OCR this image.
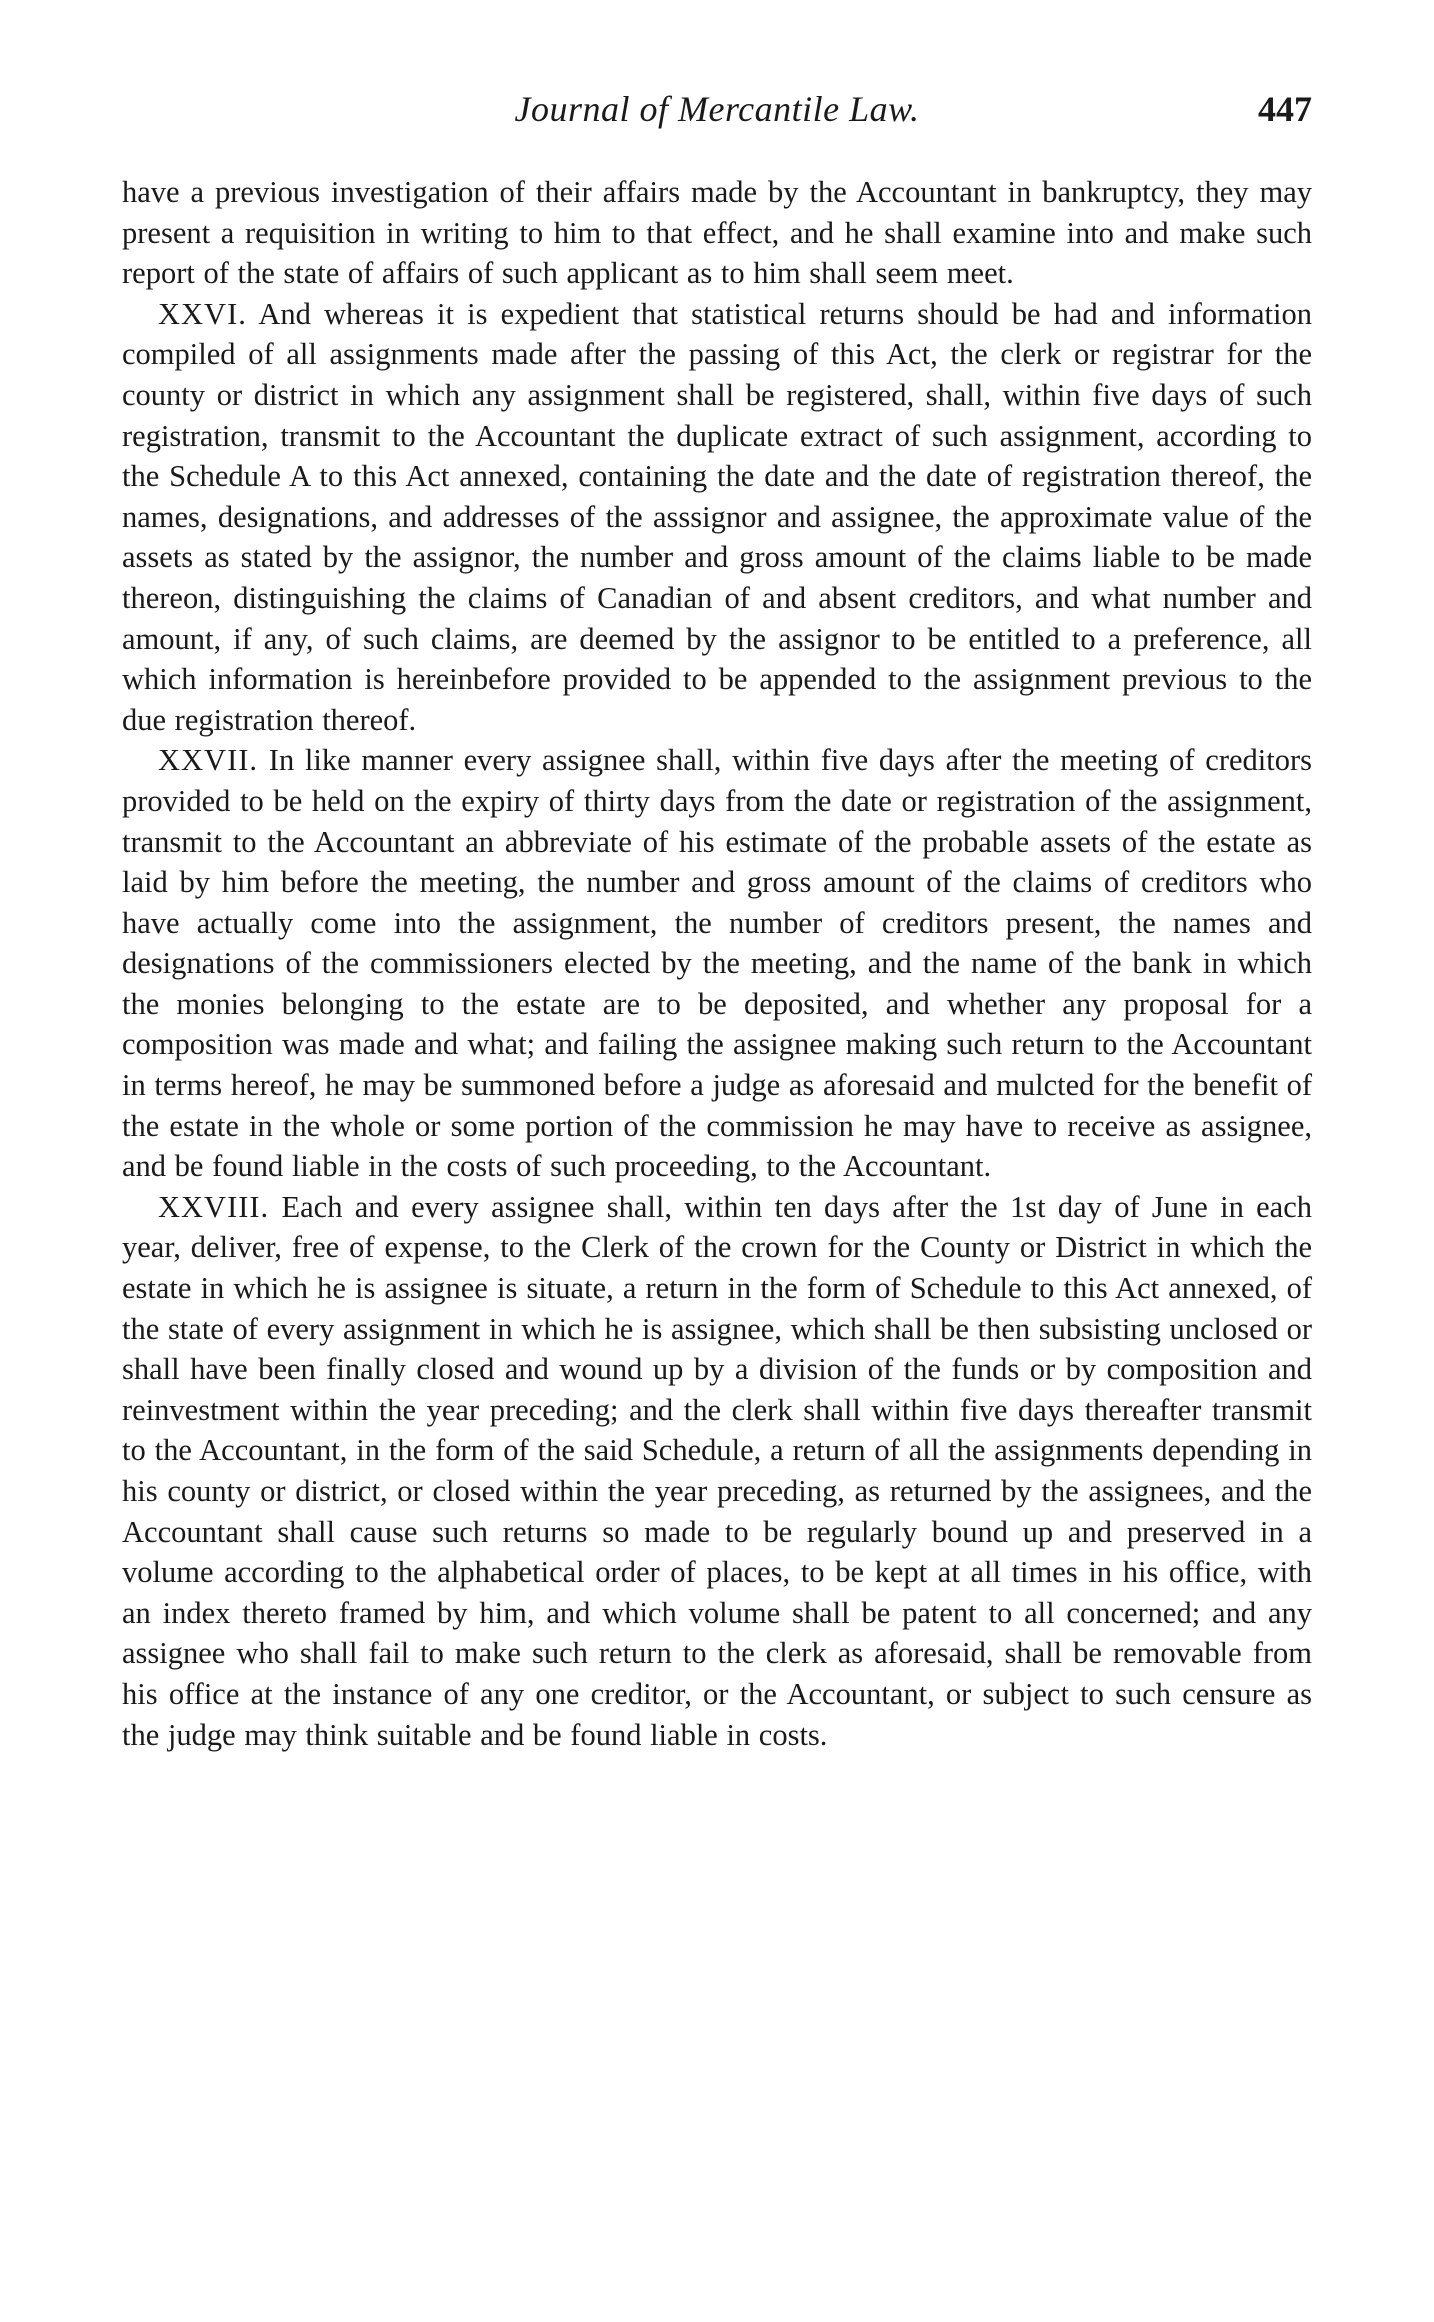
Journal of Mercantile Law.	447

have a previous investigation of their affairs made by the Accountant in bankruptcy, they may present a requisition in writing to him to that effect, and he shall examine into and make such report of the state of affairs of such applicant as to him shall seem meet.

XXVI. And whereas it is expedient that statistical returns should be had and information compiled of all assignments made after the passing of this Act, the clerk or registrar for the county or district in which any assignment shall be registered, shall, within five days of such registration, transmit to the Accountant the duplicate extract of such assignment, according to the Schedule A to this Act annexed, containing the date and the date of registration thereof, the names, designations, and addresses of the asssignor and assignee, the approximate value of the assets as stated by the assignor, the number and gross amount of the claims liable to be made thereon, distinguishing the claims of Canadian of and absent creditors, and what number and amount, if any, of such claims, are deemed by the assignor to be entitled to a preference, all which information is hereinbefore provided to be appended to the assignment previous to the due registration thereof.

XXVII. In like manner every assignee shall, within five days after the meeting of creditors provided to be held on the expiry of thirty days from the date or registration of the assignment, transmit to the Accountant an abbreviate of his estimate of the probable assets of the estate as laid by him before the meeting, the number and gross amount of the claims of creditors who have actually come into the assignment, the number of creditors present, the names and designations of the commissioners elected by the meeting, and the name of the bank in which the monies belonging to the estate are to be deposited, and whether any proposal for a composition was made and what; and failing the assignee making such return to the Accountant in terms hereof, he may be summoned before a judge as aforesaid and mulcted for the benefit of the estate in the whole or some portion of the commission he may have to receive as assignee, and be found liable in the costs of such proceeding, to the Accountant.

XXVIII. Each and every assignee shall, within ten days after the 1st day of June in each year, deliver, free of expense, to the Clerk of the crown for the County or District in which the estate in which he is assignee is situate, a return in the form of Schedule to this Act annexed, of the state of every assignment in which he is assignee, which shall be then subsisting unclosed or shall have been finally closed and wound up by a division of the funds or by composition and reinvestment within the year preceding; and the clerk shall within five days thereafter transmit to the Accountant, in the form of the said Schedule, a return of all the assignments depending in his county or district, or closed within the year preceding, as returned by the assignees, and the Accountant shall cause such returns so made to be regularly bound up and preserved in a volume according to the alphabetical order of places, to be kept at all times in his office, with an index thereto framed by him, and which volume shall be patent to all concerned; and any assignee who shall fail to make such return to the clerk as aforesaid, shall be removable from his office at the instance of any one creditor, or the Accountant, or subject to such censure as the judge may think suitable and be found liable in costs.
